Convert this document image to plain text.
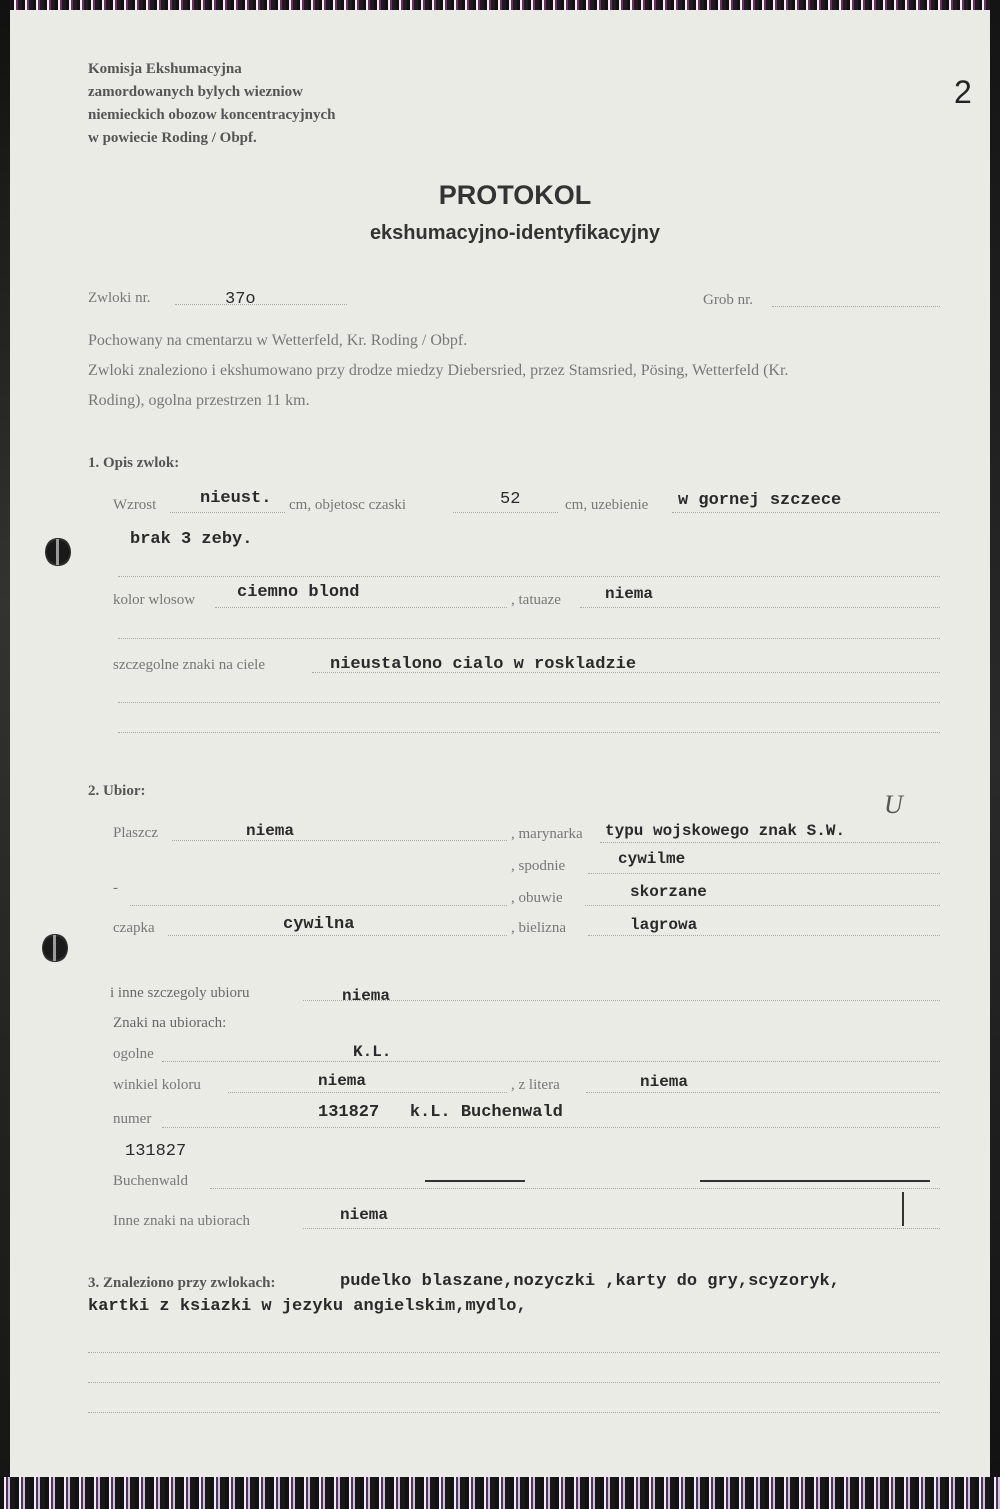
2
Komisja Ekshumacyjna
zamordowanych bylych wiezniow
niemieckich obozow koncentracyjnych
w powiecie Roding / Obpf.
PROTOKOL
ekshumacyjno-identyfikacyjny
Zwloki nr.	37o	Grob nr.
Pochowany na cmentarzu w Wetterfeld, Kr. Roding / Obpf.
Zwloki znaleziono i ekshumowano przy drodze miedzy Diebersried, przez Stamsried, Pösing, Wetterfeld (Kr.
Roding), ogolna przestrzen 11 km.
1. Opis zwlok:
Wzrost	nieust. cm, objetosc czaski	52	cm, uzebienie w gornej szczece
brak 3 zeby.
kolor wlosow ciemno blond	, tatuaze	niema
szczegolne znaki na ciele	nieustalono cialo w roskladzie
2. Ubior:
Plaszcz	niema	, marynarka typu wojskowego znak S.W.
U
, spodnie	cywilme
-
, obuwie	skorzane
czapka	cywilna	, bielizna	lagrowa
i inne szczegoly ubioru	niema
Znaki na ubiorach:
ogolne	K.L.
winkiel koloru	niema	, z litera	niema
numer	131827   k.L. Buchenwald
131827
Buchenwald
Inne znaki na ubiorach	niema
3. Znaleziono przy zwlokach:	pudelko blaszane,nozyczki ,karty do gry,scyzoryk,
kartki z ksiazki w jezyku angielskim,mydlo,
